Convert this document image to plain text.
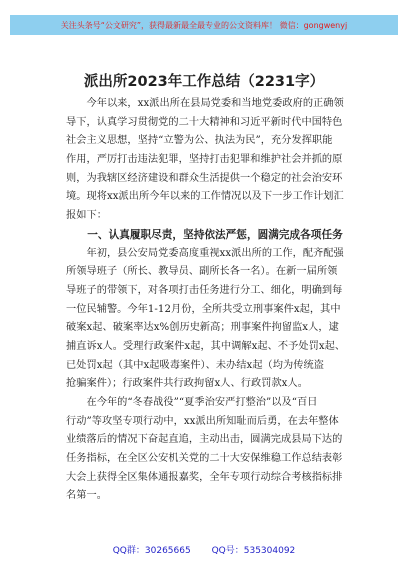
关注头条号“公文研究”，获得最新最全最专业的公文资料库！ 微信：gongwenyj
派出所2023年工作总结（2231字）
　　今年以来，xx派出所在县局党委和当地党委政府的正确领
导下，认真学习贯彻党的二十大精神和习近平新时代中国特色
社会主义思想，坚持“立警为公、执法为民”，充分发挥职能
作用，严厉打击违法犯罪，坚持打击犯罪和维护社会并抓的原
则，为我辖区经济建设和群众生活提供一个稳定的社会治安环
境。现将xx派出所今年以来的工作情况以及下一步工作计划汇
报如下：
　　一、认真履职尽责，坚持依法严惩，圆满完成各项任务
　　年初，县公安局党委高度重视xx派出所的工作，配齐配强
所领导班子（所长、教导员、副所长各一名）。在新一届所领
导班子的带领下，对各项打击任务进行分工、细化，明确到每
一位民辅警。今年1-12月份，全所共受立刑事案件x起，其中
破案x起、破案率达x%创历史新高；刑事案件拘留监x人，逮
捕直诉x人。受理行政案件x起，其中调解x起、不予处罚x起、
已处罚x起（其中x起吸毒案件）、未办结x起（均为传统盗
抢骗案件）；行政案件共行政拘留x人、行政罚款x人。
　　在今年的“冬春战役”“夏季治安严打整治”以及“百日
行动”等攻坚专项行动中，xx派出所知耻而后勇，在去年整体
业绩落后的情况下奋起直追，主动出击，圆满完成县局下达的
任务指标，在全区公安机关党的二十大安保维稳工作总结表彰
大会上获得全区集体通报嘉奖，全年专项行动综合考核指标排
名第一。
QQ群：30265665 QQ号：535304092
